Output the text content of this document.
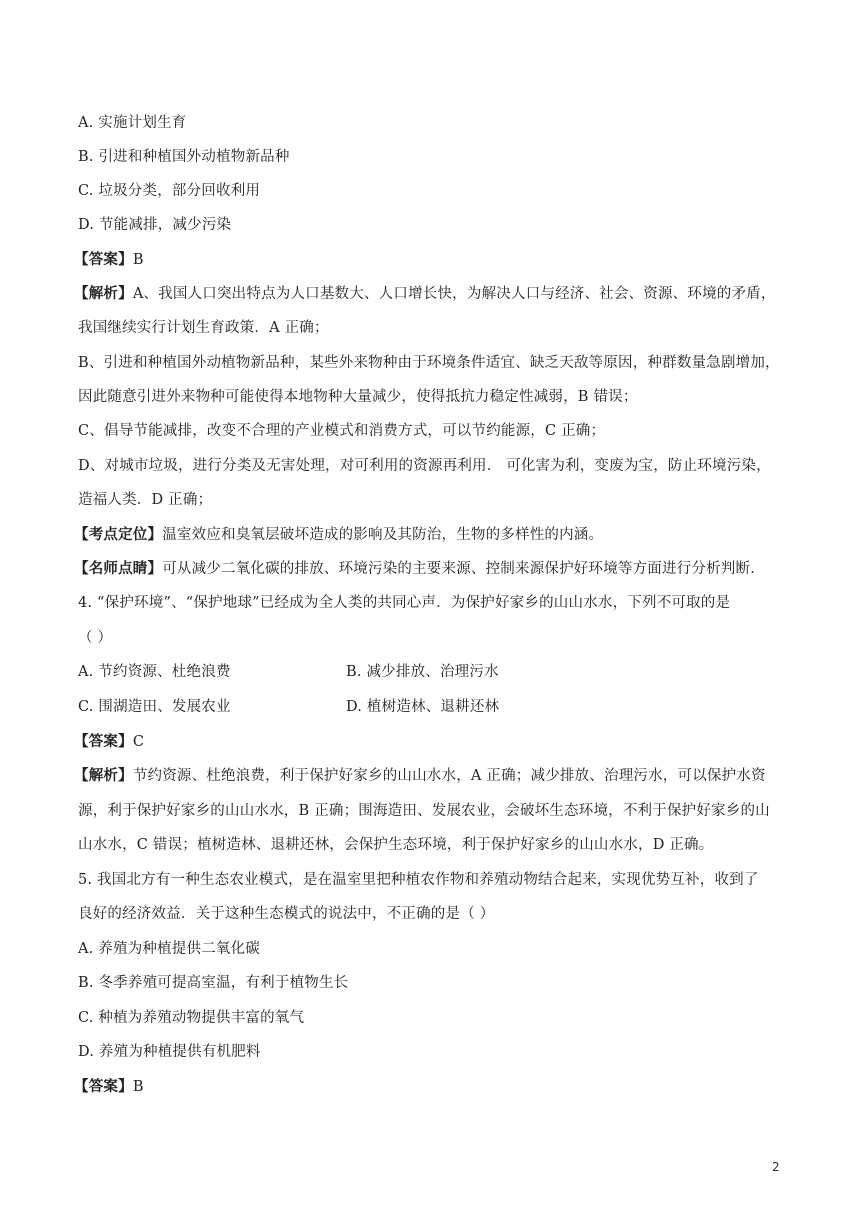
A. 实施计划生育
B. 引进和种植国外动植物新品种
C. 垃圾分类，部分回收利用
D. 节能减排，减少污染
【答案】B
【解析】A、我国人口突出特点为人口基数大、人口增长快，为解决人口与经济、社会、资源、环境的矛盾，
我国继续实行计划生育政策．A 正确；
B、引进和种植国外动植物新品种，某些外来物种由于环境条件适宜、缺乏天敌等原因，种群数量急剧增加，
因此随意引进外来物种可能使得本地物种大量减少，使得抵抗力稳定性减弱，B 错误；
C、倡导节能减排，改变不合理的产业模式和消费方式，可以节约能源，C 正确；
D、对城市垃圾，进行分类及无害处理，对可利用的资源再利用． 可化害为利，变废为宝，防止环境污染，
造福人类．D 正确；
【考点定位】温室效应和臭氧层破坏造成的影响及其防治，生物的多样性的内涵。
【名师点睛】可从减少二氧化碳的排放、环境污染的主要来源、控制来源保护好环境等方面进行分析判断．
4. “保护环境”、“保护地球”已经成为全人类的共同心声．为保护好家乡的山山水水，下列不可取的是
（ ）
A. 节约资源、杜绝浪费	B. 减少排放、治理污水
C. 围湖造田、发展农业	D. 植树造林、退耕还林
【答案】C
【解析】节约资源、杜绝浪费，利于保护好家乡的山山水水，A 正确；减少排放、治理污水，可以保护水资
源，利于保护好家乡的山山水水，B 正确；围海造田、发展农业，会破坏生态环境，不利于保护好家乡的山
山水水，C 错误；植树造林、退耕还林，会保护生态环境，利于保护好家乡的山山水水，D 正确。
5. 我国北方有一种生态农业模式，是在温室里把种植农作物和养殖动物结合起来，实现优势互补，收到了
良好的经济效益．关于这种生态模式的说法中，不正确的是（ ）
A. 养殖为种植提供二氧化碳
B. 冬季养殖可提高室温，有利于植物生长
C. 种植为养殖动物提供丰富的氧气
D. 养殖为种植提供有机肥料
【答案】B
2
